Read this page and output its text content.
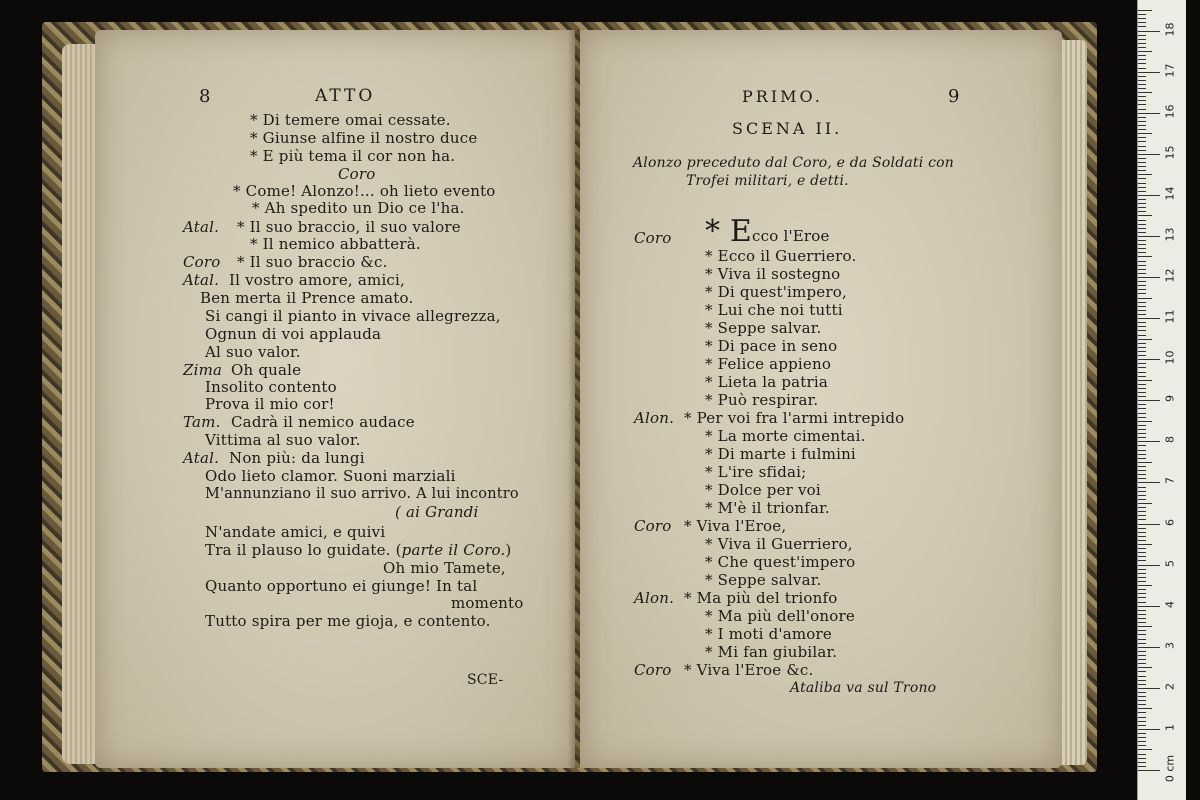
8	ATTO
* Di temere omai cessate.
* Giunse alfine il nostro duce
* E più tema il cor non ha.
Coro
* Come! Alonzo!... oh lieto evento
* Ah spedito un Dio ce l'ha.
Atal. * Il suo braccio, il suo valore
* Il nemico abbatterà.
Coro * Il suo braccio &c.
Atal. Il vostro amore, amici,
Ben merta il Prence amato.
Si cangi il pianto in vivace allegrezza,
Ognun di voi applauda
Al suo valor.
Zima Oh quale
Insolito contento
Prova il mio cor!
Tam. Cadrà il nemico audace
Vittima al suo valor.
Atal. Non più: da lungi
Odo lieto clamor. Suoni marziali
M'annunziano il suo arrivo. A lui incontro
( ai Grandi
N'andate amici, e quivi
Tra il plauso lo guidate. (parte il Coro.)
Oh mio Tamete,
Quanto opportuno ei giunge! In tal
momento
Tutto spira per me gioja, e contento.
SCE-
PRIMO.	9
SCENA II.
Alonzo preceduto dal Coro, e da Soldati con
Trofei militari, e detti.
Coro * Ecco l'Eroe
* Ecco il Guerriero.
* Viva il sostegno
* Di quest'impero,
* Lui che noi tutti
* Seppe salvar.
* Di pace in seno
* Felice appieno
* Lieta la patria
* Può respirar.
Alon. * Per voi fra l'armi intrepido
* La morte cimentai.
* Di marte i fulmini
* L'ire sfidai;
* Dolce per voi
* M'è il trionfar.
Coro * Viva l'Eroe,
* Viva il Guerriero,
* Che quest'impero
* Seppe salvar.
Alon. * Ma più del trionfo
* Ma più dell'onore
* I moti d'amore
* Mi fan giubilar.
Coro * Viva l'Eroe &c.
Ataliba va sul Trono
0 cm
1
2
3
4
5
6
7
8
9
10
11
12
13
14
15
16
17
18
